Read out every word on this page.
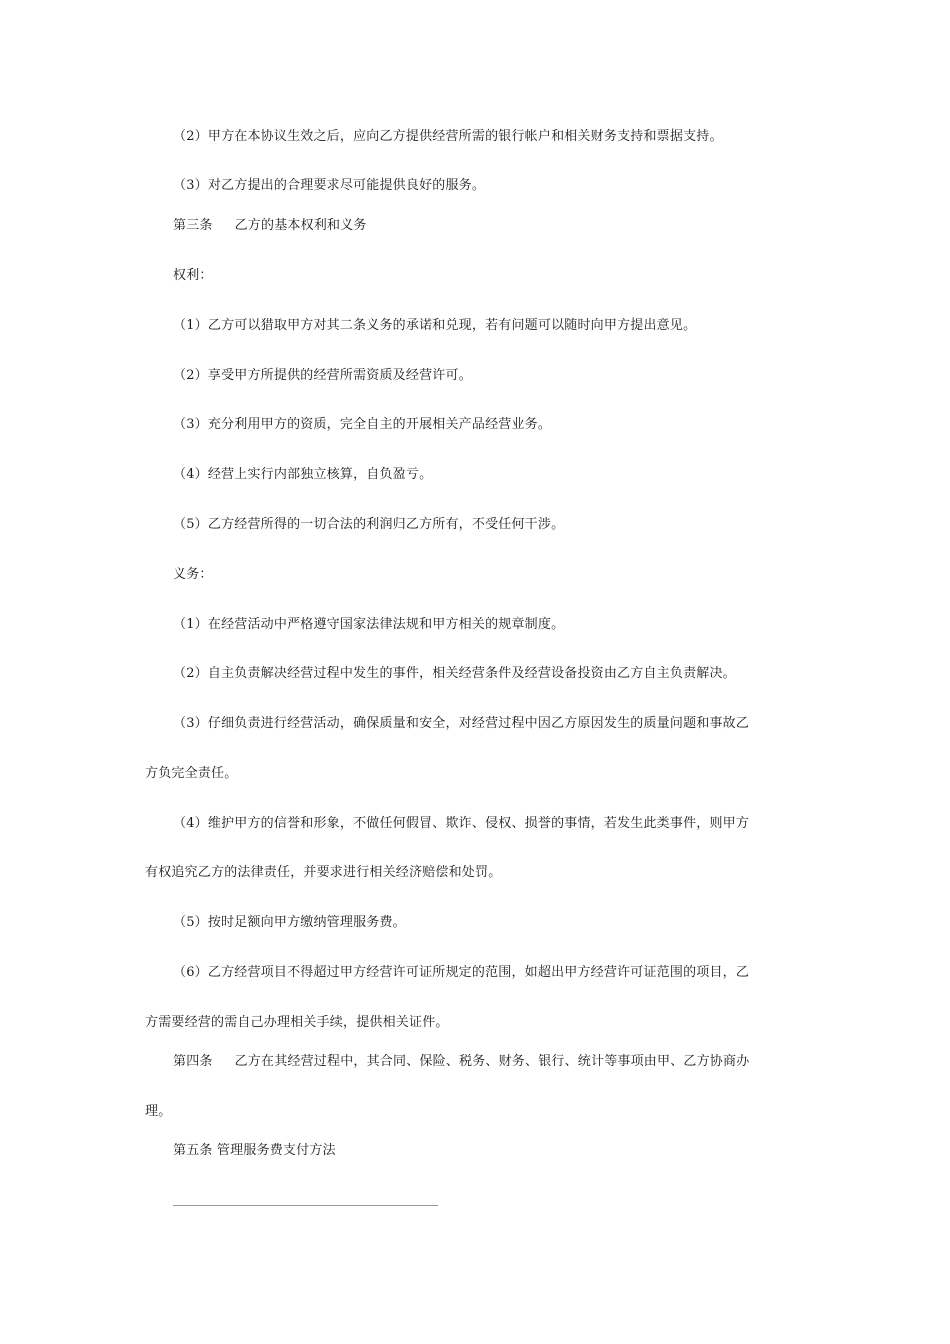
（2）甲方在本协议生效之后，应向乙方提供经营所需的银行帐户和相关财务支持和票据支持。
（3）对乙方提出的合理要求尽可能提供良好的服务。
第三条 乙方的基本权利和义务
权利：
（1）乙方可以猎取甲方对其二条义务的承诺和兑现，若有问题可以随时向甲方提出意见。
（2）享受甲方所提供的经营所需资质及经营许可。
（3）充分利用甲方的资质，完全自主的开展相关产品经营业务。
（4）经营上实行内部独立核算，自负盈亏。
（5）乙方经营所得的一切合法的利润归乙方所有，不受任何干涉。
义务：
（1）在经营活动中严格遵守国家法律法规和甲方相关的规章制度。
（2）自主负责解决经营过程中发生的事件，相关经营条件及经营设备投资由乙方自主负责解决。
（3）仔细负责进行经营活动，确保质量和安全，对经营过程中因乙方原因发生的质量问题和事故乙
方负完全责任。
（4）维护甲方的信誉和形象，不做任何假冒、欺诈、侵权、损誉的事情，若发生此类事件，则甲方
有权追究乙方的法律责任，并要求进行相关经济赔偿和处罚。
（5）按时足额向甲方缴纳管理服务费。
（6）乙方经营项目不得超过甲方经营许可证所规定的范围，如超出甲方经营许可证范围的项目，乙
方需要经营的需自己办理相关手续，提供相关证件。
第四条 乙方在其经营过程中，其合同、保险、税务、财务、银行、统计等事项由甲、乙方协商办
理。
第五条 管理服务费支付方法
